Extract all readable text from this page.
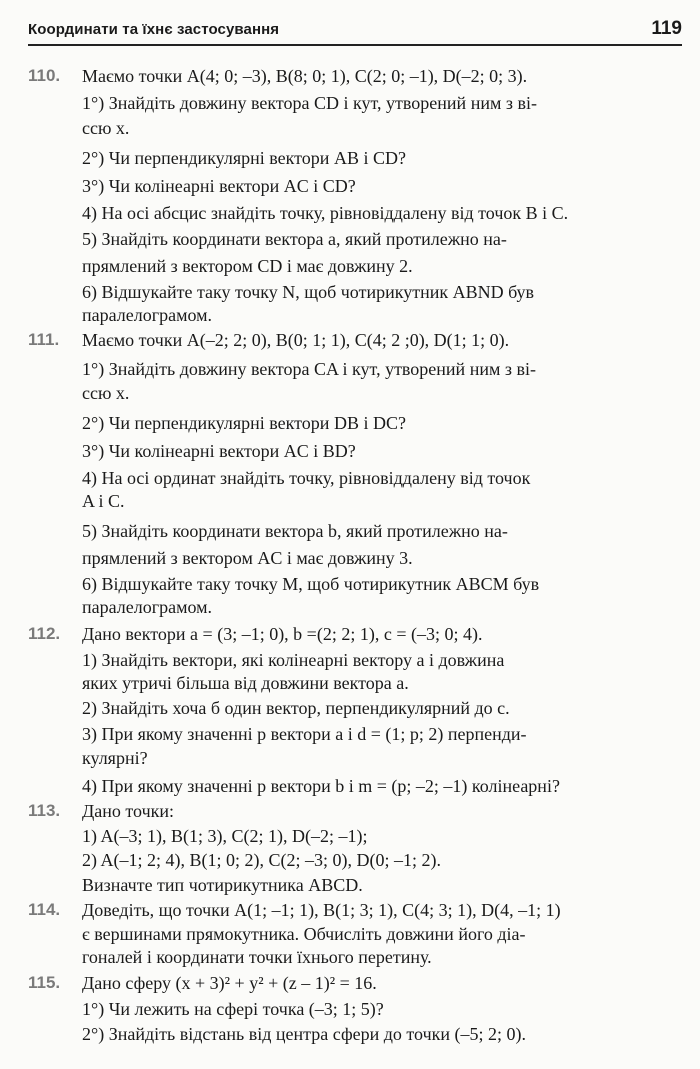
Координати та їхнє застосування	119
110. Маємо точки A(4; 0; –3), B(8; 0; 1), C(2; 0; –1), D(–2; 0; 3).
1°) Знайдіть довжину вектора CD і кут, утворений ним з ві-
ссю x.
2°) Чи перпендикулярні вектори AB і CD?
3°) Чи колінеарні вектори AC і CD?
4) На осі абсцис знайдіть точку, рівновіддалену від точок B і C.
5) Знайдіть координати вектора a, який протилежно на-
прямлений з вектором CD і має довжину 2.
6) Відшукайте таку точку N, щоб чотирикутник ABND був
паралелограмом.
111. Маємо точки A(–2; 2; 0), B(0; 1; 1), C(4; 2 ;0), D(1; 1; 0).
1°) Знайдіть довжину вектора CA і кут, утворений ним з ві-
ссю x.
2°) Чи перпендикулярні вектори DB і DC?
3°) Чи колінеарні вектори AC і BD?
4) На осі ординат знайдіть точку, рівновіддалену від точок
A і C.
5) Знайдіть координати вектора b, який протилежно на-
прямлений з вектором AC і має довжину 3.
6) Відшукайте таку точку M, щоб чотирикутник ABCM був
паралелограмом.
112. Дано вектори a = (3; –1; 0), b =(2; 2; 1), c = (–3; 0; 4).
1) Знайдіть вектори, які колінеарні вектору a і довжина
яких утричі більша від довжини вектора a.
2) Знайдіть хоча б один вектор, перпендикулярний до c.
3) При якому значенні p вектори a і d = (1; p; 2) перпенди-
кулярні?
4) При якому значенні p вектори b і m = (p; –2; –1) колінеарні?
113. Дано точки:
1) A(–3; 1), B(1; 3), C(2; 1), D(–2; –1);
2) A(–1; 2; 4), B(1; 0; 2), C(2; –3; 0), D(0; –1; 2).
Визначте тип чотирикутника ABCD.
114. Доведіть, що точки A(1; –1; 1), B(1; 3; 1), C(4; 3; 1), D(4, –1; 1)
є вершинами прямокутника. Обчисліть довжини його діа-
гоналей і координати точки їхнього перетину.
115. Дано сферу (x + 3)² + y² + (z – 1)² = 16.
1°) Чи лежить на сфері точка (–3; 1; 5)?
2°) Знайдіть відстань від центра сфери до точки (–5; 2; 0).
